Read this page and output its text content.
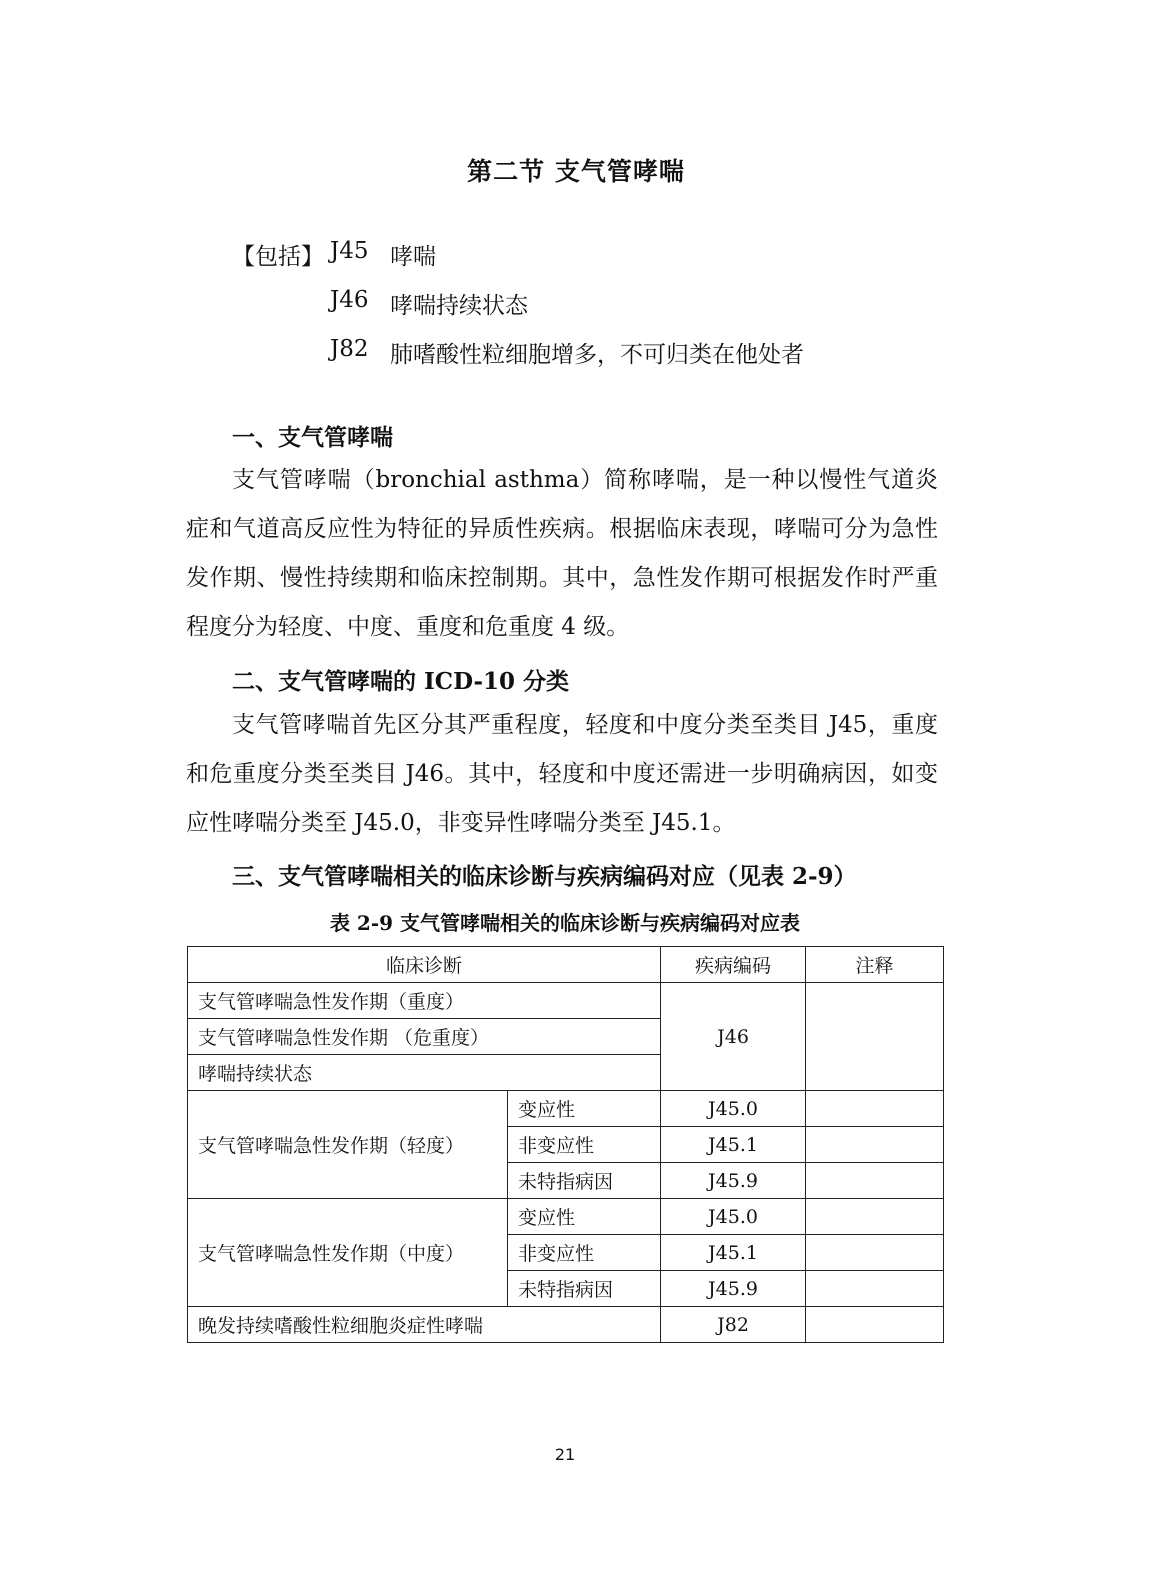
第二节 支气管哮喘
【包括】 J45 哮喘
J46 哮喘持续状态
J82 肺嗜酸性粒细胞增多，不可归类在他处者
一、支气管哮喘
支气管哮喘（bronchial asthma）简称哮喘，是一种以慢性气道炎症和气道高反应性为特征的异质性疾病。根据临床表现，哮喘可分为急性发作期、慢性持续期和临床控制期。其中，急性发作期可根据发作时严重程度分为轻度、中度、重度和危重度 4 级。
二、支气管哮喘的 ICD-10 分类
支气管哮喘首先区分其严重程度，轻度和中度分类至类目 J45，重度和危重度分类至类目 J46。其中，轻度和中度还需进一步明确病因，如变应性哮喘分类至 J45.0，非变异性哮喘分类至 J45.1。
三、支气管哮喘相关的临床诊断与疾病编码对应（见表 2-9）
表 2-9 支气管哮喘相关的临床诊断与疾病编码对应表
临床诊断		疾病编码	注释
支气管哮喘急性发作期（重度）		J46	
支气管哮喘急性发作期 （危重度）			
哮喘持续状态			
支气管哮喘急性发作期（轻度）	变应性	J45.0	
	非变应性	J45.1	
	未特指病因	J45.9	
支气管哮喘急性发作期（中度）	变应性	J45.0	
	非变应性	J45.1	
	未特指病因	J45.9	
晚发持续嗜酸性粒细胞炎症性哮喘		J82	
21
